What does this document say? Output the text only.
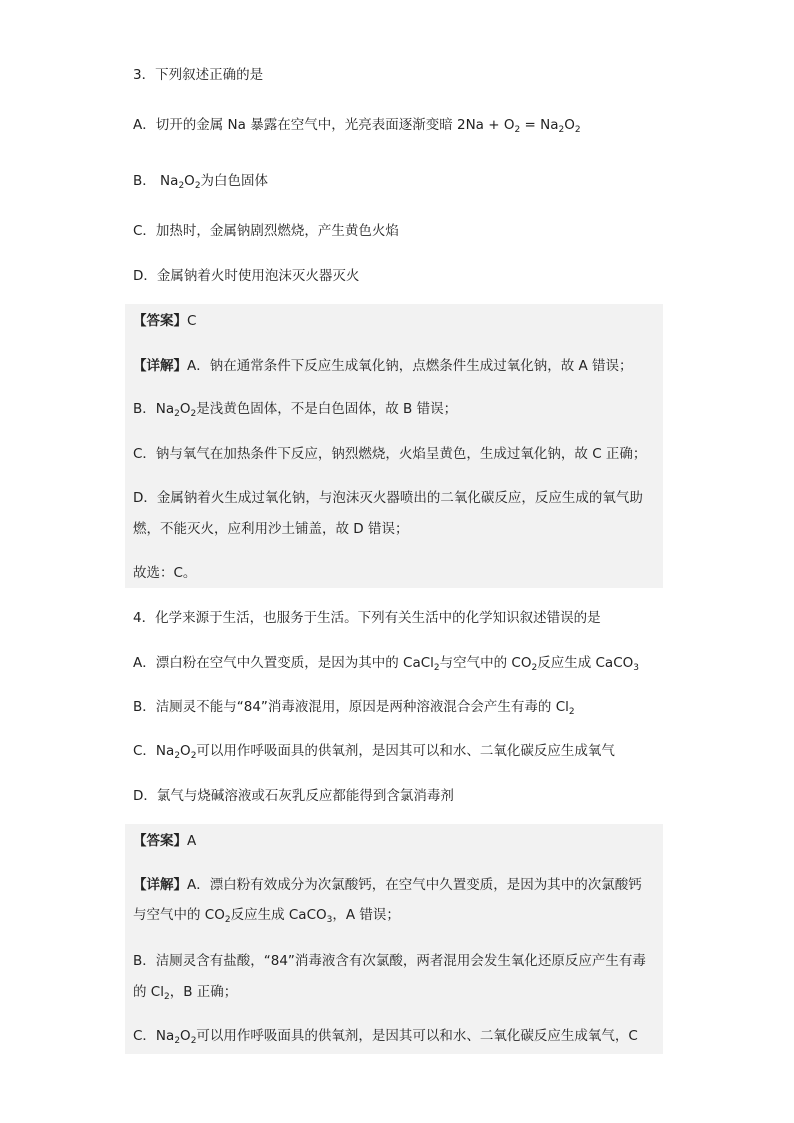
3．下列叙述正确的是
A．切开的金属 Na 暴露在空气中，光亮表面逐渐变暗 $2Na + O_2 = Na_2O_2$
B． $Na_2O_2$为白色固体
C．加热时，金属钠剧烈燃烧，产生黄色火焰
D．金属钠着火时使用泡沫灭火器灭火
【答案】C
【详解】A．钠在通常条件下反应生成氧化钠，点燃条件生成过氧化钠，故 A 错误；
B．$Na_2O_2$是浅黄色固体，不是白色固体，故 B 错误；
C．钠与氧气在加热条件下反应，钠烈燃烧，火焰呈黄色，生成过氧化钠，故 C 正确；
D．金属钠着火生成过氧化钠，与泡沫灭火器喷出的二氧化碳反应，反应生成的氧气助
燃，不能灭火，应利用沙土铺盖，故 D 错误；
故选：C。
4．化学来源于生活，也服务于生活。下列有关生活中的化学知识叙述错误的是
A．漂白粉在空气中久置变质，是因为其中的 CaCl$_2$与空气中的 $CO_2$反应生成 CaCO$_3$
B．洁厕灵不能与“84”消毒液混用，原因是两种溶液混合会产生有毒的 $Cl_2$
C．$Na_2O_2$可以用作呼吸面具的供氧剂，是因其可以和水、二氧化碳反应生成氧气
D．氯气与烧碱溶液或石灰乳反应都能得到含氯消毒剂
【答案】A
【详解】A．漂白粉有效成分为次氯酸钙，在空气中久置变质，是因为其中的次氯酸钙
与空气中的 $CO_2$反应生成 CaCO$_3$，A 错误；
B．洁厕灵含有盐酸，“84”消毒液含有次氯酸，两者混用会发生氧化还原反应产生有毒
的 $Cl_2$，B 正确；
C．$Na_2O_2$可以用作呼吸面具的供氧剂，是因其可以和水、二氧化碳反应生成氧气，C
